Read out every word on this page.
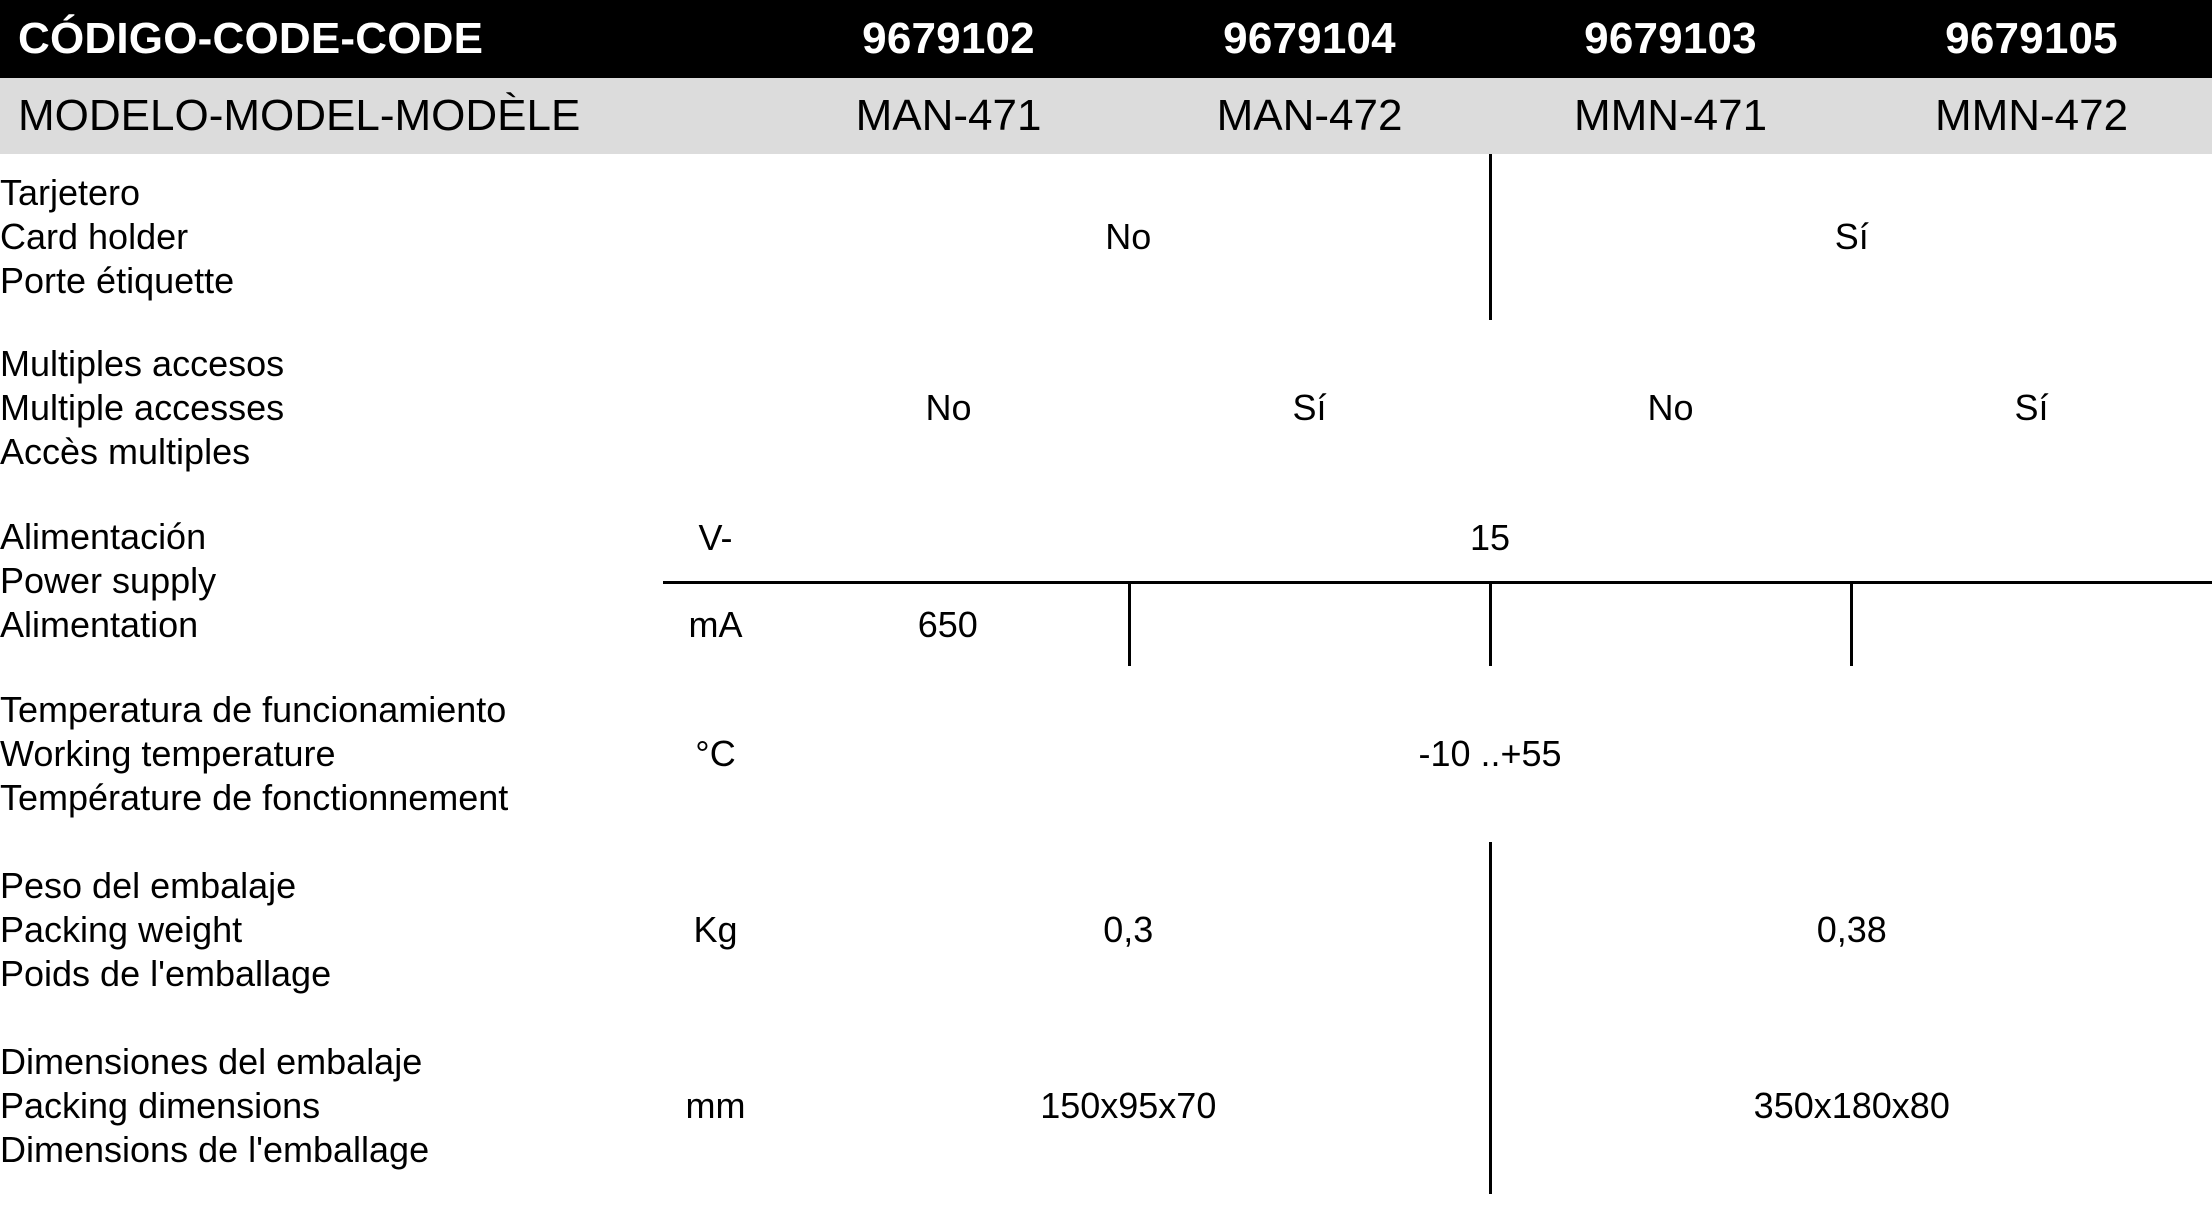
CÓDIGO-CODE-CODE		9679102	9679104	9679103	9679105
MODELO-MODEL-MODÈLE		MAN-471	MAN-472	MMN-471	MMN-472

Tarjetero
Card holder
Porte étiquette		No		Sí	

Multiples accesos
Multiple accesses
Accès multiples		No	Sí	No	Sí

Alimentación
Power supply
Alimentation	V-	15			
	mA	650			

Temperatura de funcionamiento
Working temperature
Température de fonctionnement	°C	-10 ..+55			

Peso del embalaje
Packing weight
Poids de l'emballage	Kg	0,3		0,38	

Dimensiones del embalaje
Packing dimensions
Dimensions de l'emballage	mm	150x95x70		350x180x80	
